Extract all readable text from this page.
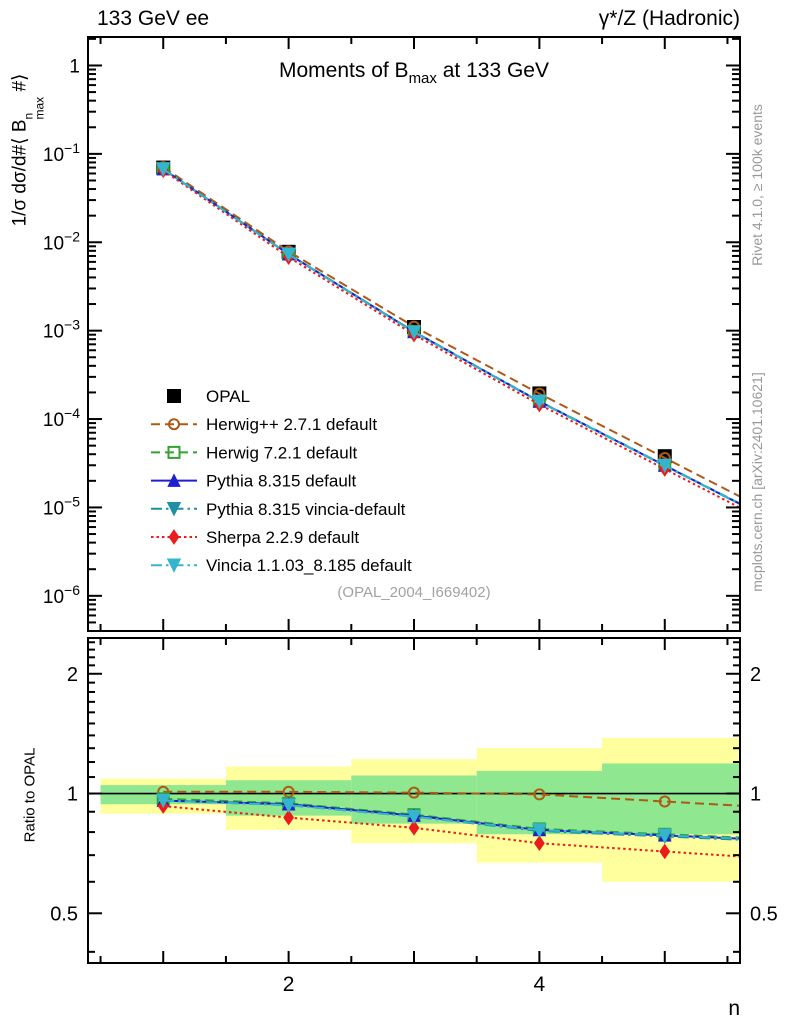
1
$10^{-1}$
$10^{-2}$
$10^{-3}$
$10^{-4}$
$10^{-5}$
$10^{-6}$
2	2
1	1
0.5	0.5
2	4
Moments of $B_{max}$ at 133 GeV
OPAL
Herwig++ 2.7.1 default
Herwig 7.2.1 default
Pythia 8.315 default
Pythia 8.315 vincia-default
Sherpa 2.2.9 default
Vincia 1.1.03_8.185 default
133 GeV ee	γ*/Z (Hadronic)
Rivet 4.1.0, ≥ 100k events
mcplots.cern.ch [arXiv:2401.10621]
1/σ dσ/d#⟨ B
n
max
#⟩
Ratio to OPAL
(OPAL_2004_I669402)
n
